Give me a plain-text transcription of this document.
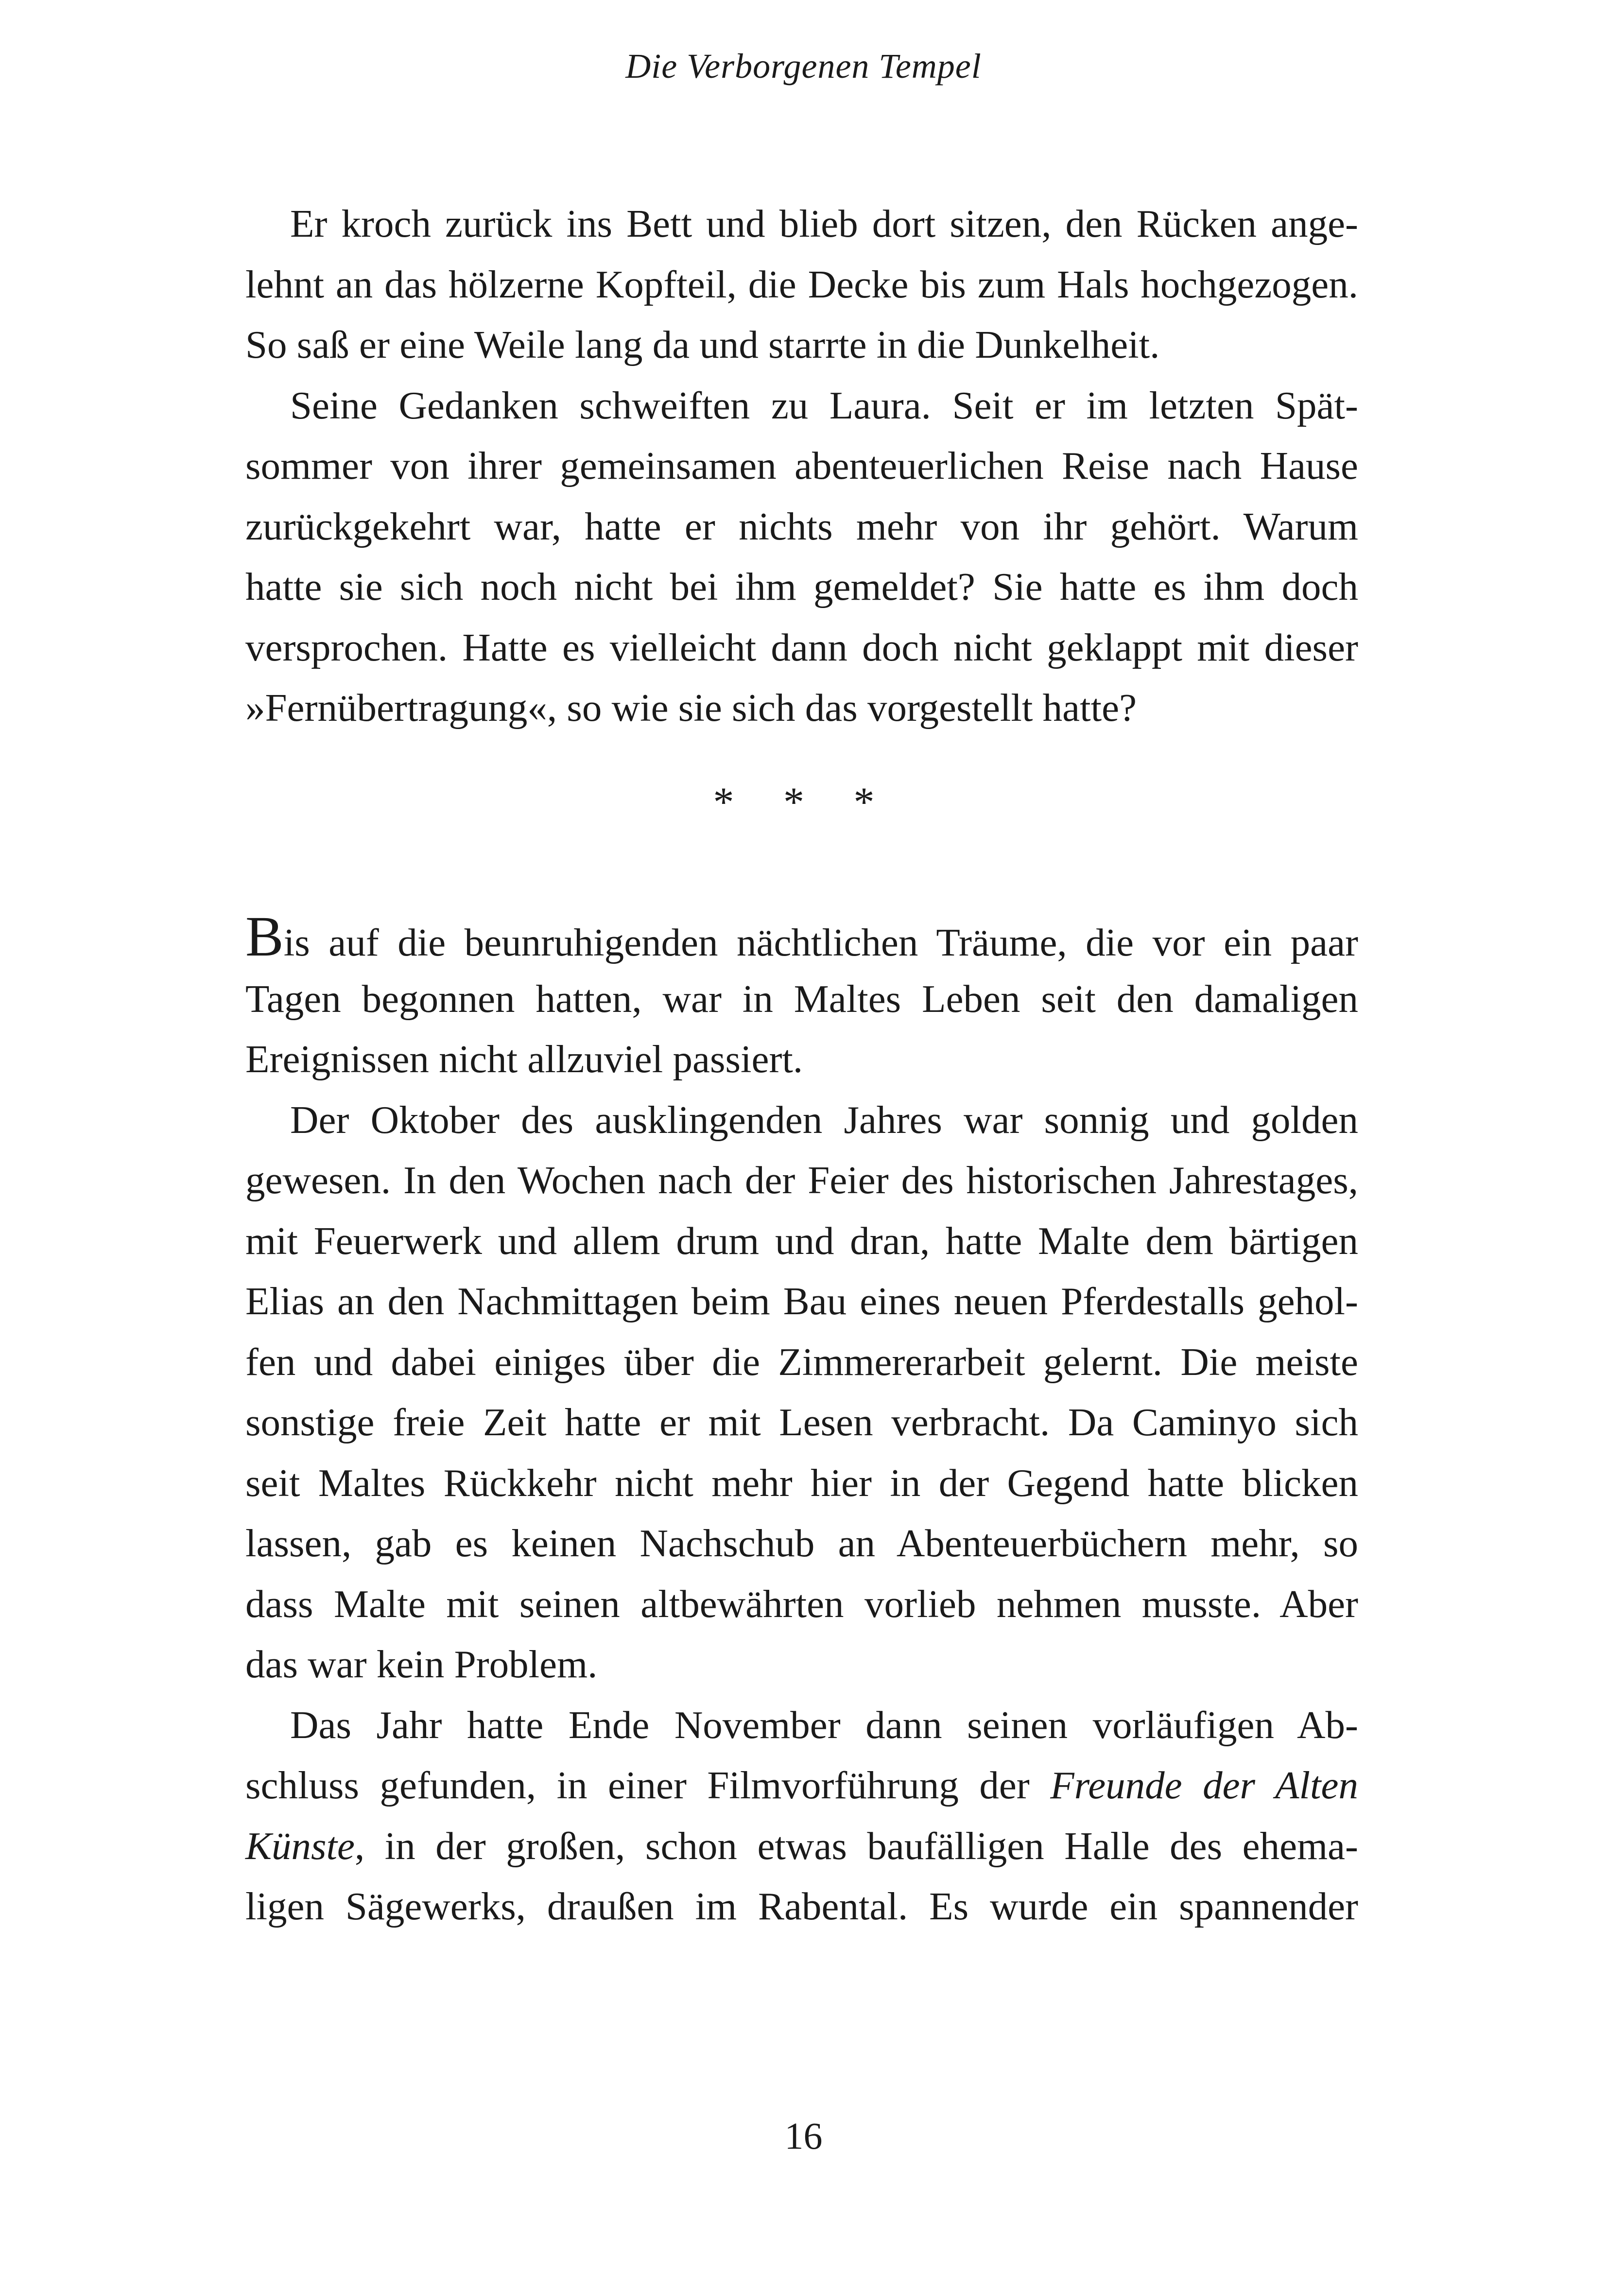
Die Verborgenen Tempel
Er kroch zurück ins Bett und blieb dort sitzen, den Rücken ange-
lehnt an das hölzerne Kopfteil, die Decke bis zum Hals hochgezogen.
So saß er eine Weile lang da und starrte in die Dunkelheit.
Seine Gedanken schweiften zu Laura. Seit er im letzten Spät-
sommer von ihrer gemeinsamen abenteuerlichen Reise nach Hause
zurückgekehrt war, hatte er nichts mehr von ihr gehört. Warum
hatte sie sich noch nicht bei ihm gemeldet? Sie hatte es ihm doch
versprochen. Hatte es vielleicht dann doch nicht geklappt mit dieser
»Fernübertragung«, so wie sie sich das vorgestellt hatte?
* * *
Bis auf die beunruhigenden nächtlichen Träume, die vor ein paar
Tagen begonnen hatten, war in Maltes Leben seit den damaligen
Ereignissen nicht allzuviel passiert.
Der Oktober des ausklingenden Jahres war sonnig und golden
gewesen. In den Wochen nach der Feier des historischen Jahrestages,
mit Feuerwerk und allem drum und dran, hatte Malte dem bärtigen
Elias an den Nachmittagen beim Bau eines neuen Pferdestalls gehol-
fen und dabei einiges über die Zimmererarbeit gelernt. Die meiste
sonstige freie Zeit hatte er mit Lesen verbracht. Da Caminyo sich
seit Maltes Rückkehr nicht mehr hier in der Gegend hatte blicken
lassen, gab es keinen Nachschub an Abenteuerbüchern mehr, so
dass Malte mit seinen altbewährten vorlieb nehmen musste. Aber
das war kein Problem.
Das Jahr hatte Ende November dann seinen vorläufigen Ab-
schluss gefunden, in einer Filmvorführung der Freunde der Alten
Künste, in der großen, schon etwas baufälligen Halle des ehema-
ligen Sägewerks, draußen im Rabental. Es wurde ein spannender
16
